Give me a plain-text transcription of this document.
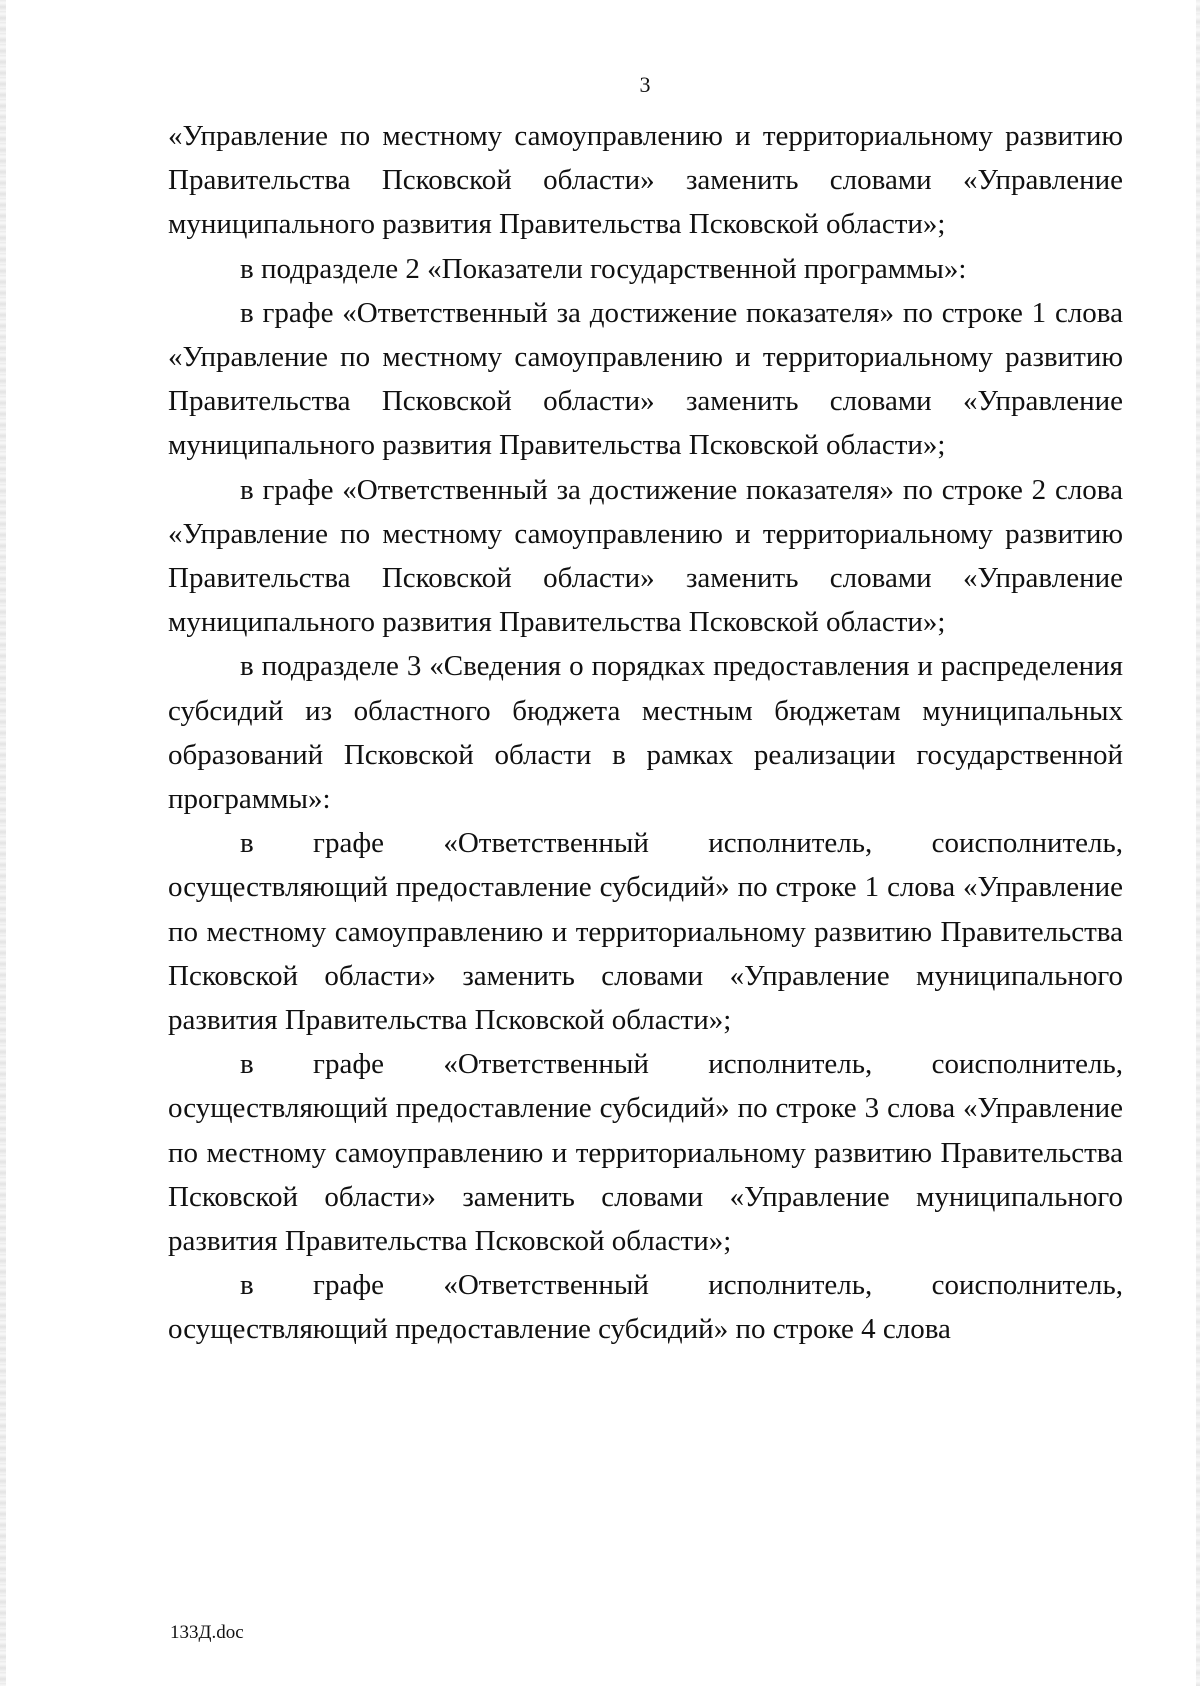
3

«Управление по местному самоуправлению и территориальному развитию Правительства Псковской области» заменить словами «Управление муниципального развития Правительства Псковской области»;

в подразделе 2 «Показатели государственной программы»:

в графе «Ответственный за достижение показателя» по строке 1 слова «Управление по местному самоуправлению и территориальному развитию Правительства Псковской области» заменить словами «Управление муниципального развития Правительства Псковской области»;

в графе «Ответственный за достижение показателя» по строке 2 слова «Управление по местному самоуправлению и территориальному развитию Правительства Псковской области» заменить словами «Управление муниципального развития Правительства Псковской области»;

в подразделе 3 «Сведения о порядках предоставления и распределения субсидий из областного бюджета местным бюджетам муниципальных образований Псковской области в рамках реализации государственной программы»:

в графе «Ответственный исполнитель, соисполнитель, осуществляющий предоставление субсидий» по строке 1 слова «Управление по местному самоуправлению и территориальному развитию Правительства Псковской области» заменить словами «Управление муниципального развития Правительства Псковской области»;

в графе «Ответственный исполнитель, соисполнитель, осуществляющий предоставление субсидий» по строке 3 слова «Управление по местному самоуправлению и территориальному развитию Правительства Псковской области» заменить словами «Управление муниципального развития Правительства Псковской области»;

в графе «Ответственный исполнитель, соисполнитель, осуществляющий предоставление субсидий» по строке 4 слова

133Д.doc
